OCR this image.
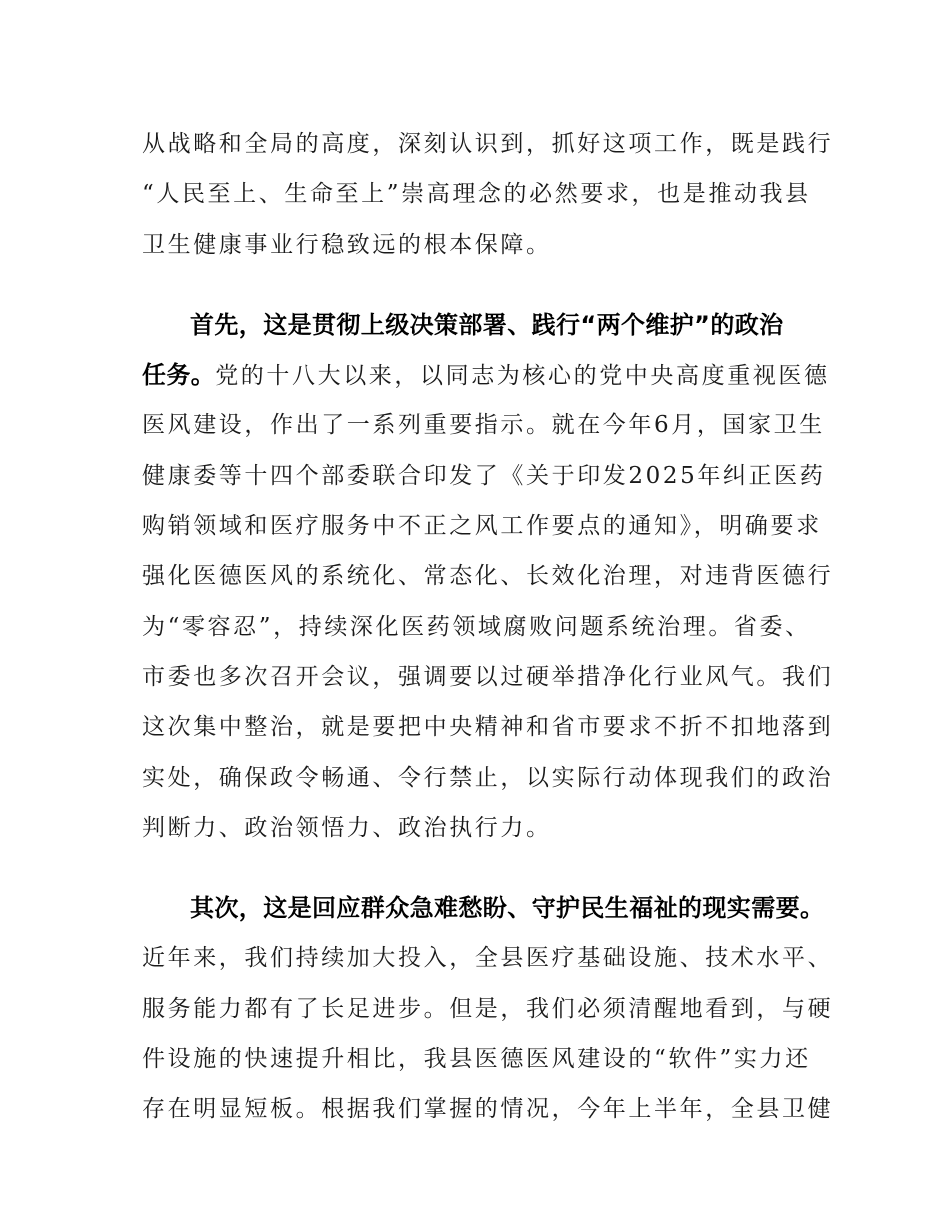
从战略和全局的高度，深刻认识到，抓好这项工作，既是践行
“人民至上、生命至上”崇高理念的必然要求，也是推动我县
卫生健康事业行稳致远的根本保障。
首先，这是贯彻上级决策部署、践行“两个维护”的政治
任务。党的十八大以来，以同志为核心的党中央高度重视医德
医风建设，作出了一系列重要指示。就在今年6月，国家卫生
健康委等十四个部委联合印发了《关于印发2025年纠正医药
购销领域和医疗服务中不正之风工作要点的通知》，明确要求
强化医德医风的系统化、常态化、长效化治理，对违背医德行
为“零容忍”，持续深化医药领域腐败问题系统治理。省委、
市委也多次召开会议，强调要以过硬举措净化行业风气。我们
这次集中整治，就是要把中央精神和省市要求不折不扣地落到
实处，确保政令畅通、令行禁止，以实际行动体现我们的政治
判断力、政治领悟力、政治执行力。
其次，这是回应群众急难愁盼、守护民生福祉的现实需要。
近年来，我们持续加大投入，全县医疗基础设施、技术水平、
服务能力都有了长足进步。但是，我们必须清醒地看到，与硬
件设施的快速提升相比，我县医德医风建设的“软件”实力还
存在明显短板。根据我们掌握的情况，今年上半年，全县卫健
